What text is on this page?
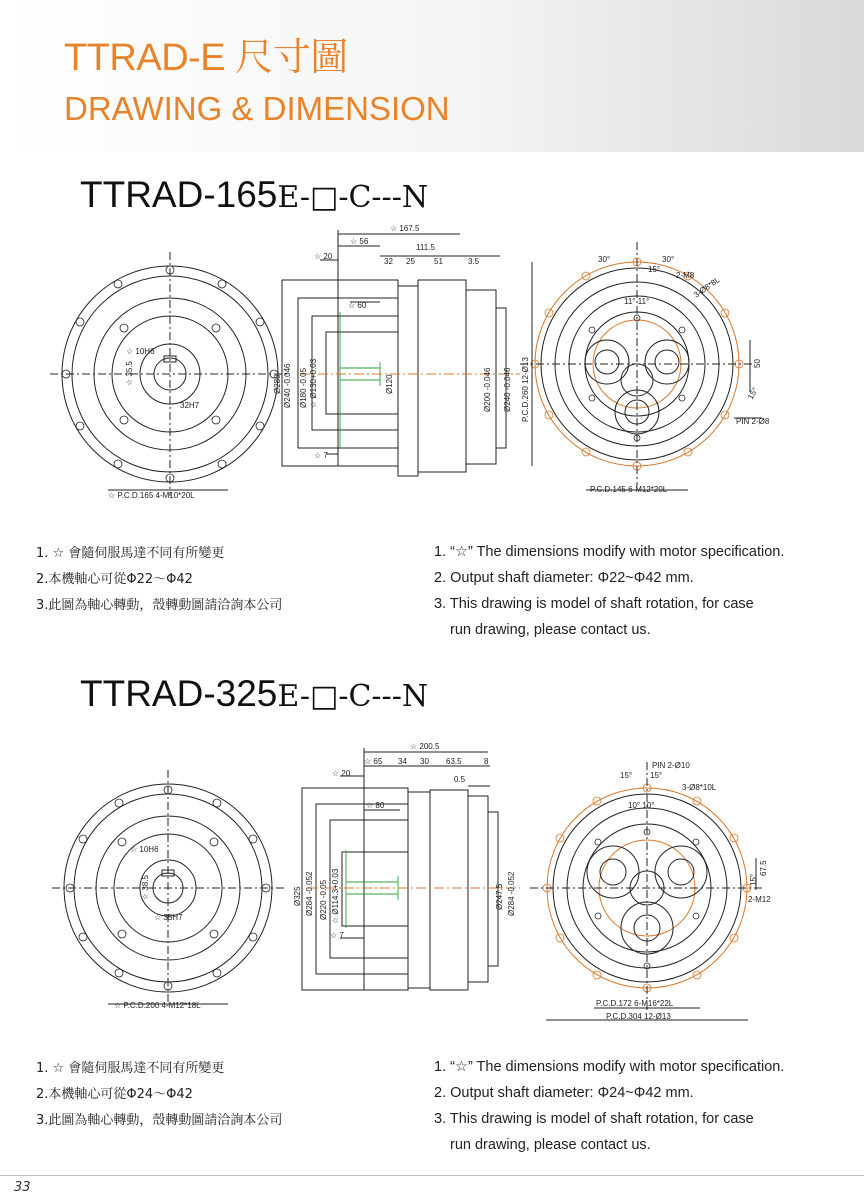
TTRAD-E 尺寸圖
DRAWING & DIMENSION
TTRAD-165E-□-C---N
☆ 167.5
☆ 56
111.5
☆ 20
32 25 51	3.5
☆ 60
☆ 7
Ø280 Ø240 -0.046 Ø180 -0.05 ☆ Ø130+0.03	Ø120	Ø200 -0.046 Ø240 -0.046 P.C.D.260 12-Ø13
☆ 10H6
☆ 35.5
32H7
☆ P.C.D.165 4-M10*20L
30°	30°
15°
2-M8
3-Ø8*8L
11° 11°
50
15°
PIN 2-Ø8
P.C.D.145 6-M12*20L
1. ☆ 會隨伺服馬達不同有所變更
2.本機軸心可從Φ22～Φ42
3.此圖為軸心轉動，殼轉動圖請洽詢本公司
1. “☆” The dimensions modify with motor specification.
2. Output shaft diameter: Φ22~Φ42 mm.
3. This drawing is model of shaft rotation, for case
run drawing, please contact us.
TTRAD-325E-□-C---N
☆ 200.5
☆ 65 34 30 63.5	8
☆ 20
0.5
☆ 80
☆ 7
Ø325 Ø284 -0.052 Ø220 -0.05 ☆ Ø114.3+0.03	Ø247.5 Ø284 -0.052
☆ 10H6
☆ 38.5
☆ 35H7
☆ P.C.D.200 4-M12*18L
PIN 2-Ø10
15° 15°
3-Ø8*10L
10° 10°
67.5
15°
2-M12
P.C.D.172 6-M16*22L
P.C.D.304 12-Ø13
1. ☆ 會隨伺服馬達不同有所變更
2.本機軸心可從Φ24～Φ42
3.此圖為軸心轉動，殼轉動圖請洽詢本公司
1. “☆” The dimensions modify with motor specification.
2. Output shaft diameter: Φ24~Φ42 mm.
3. This drawing is model of shaft rotation, for case
run drawing, please contact us.
33
